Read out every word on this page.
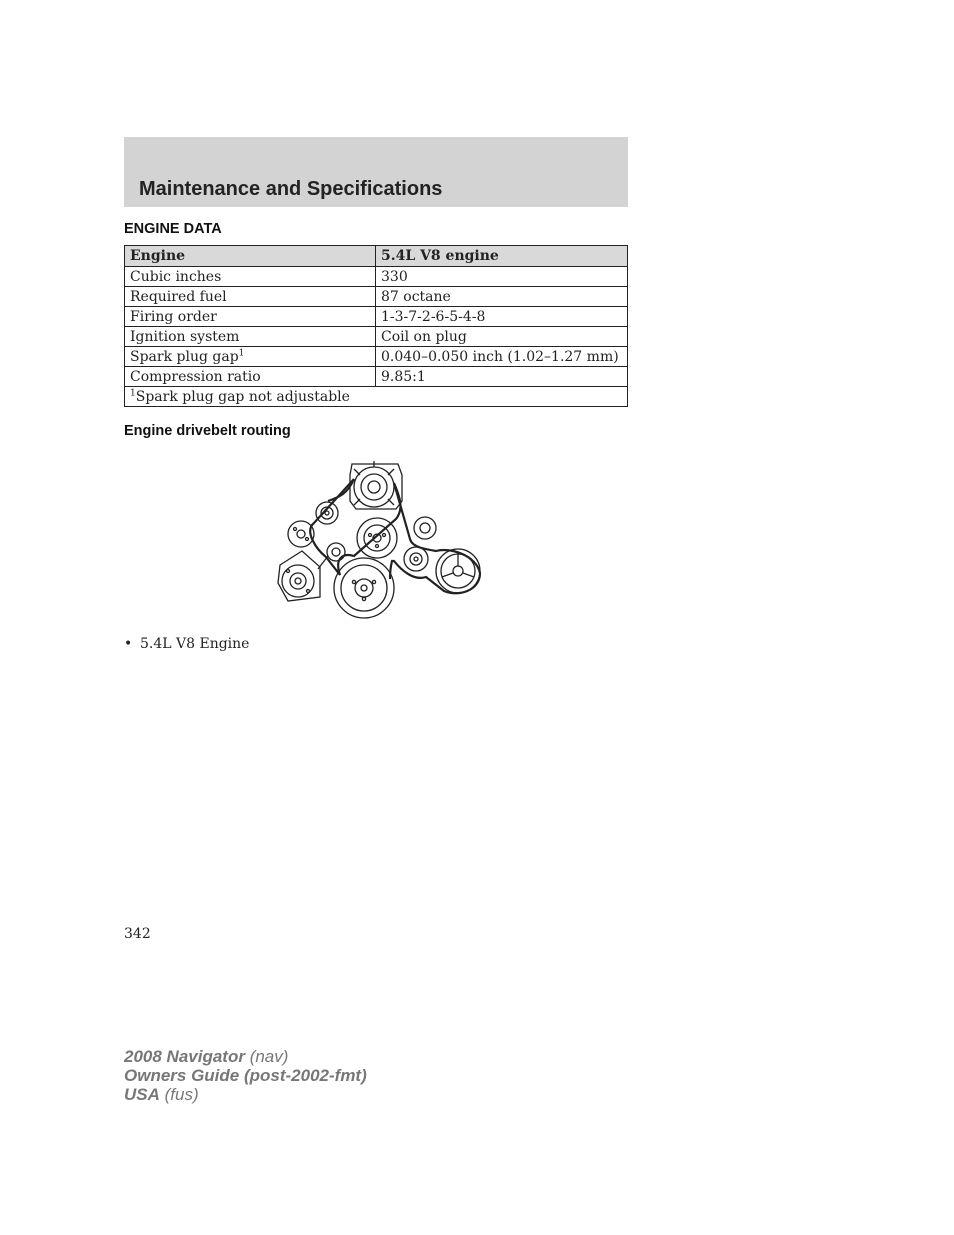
Maintenance and Specifications
ENGINE DATA
Engine	5.4L V8 engine
Cubic inches	330
Required fuel	87 octane
Firing order	1-3-7-2-6-5-4-8
Ignition system	Coil on plug
Spark plug gap$^1$	0.040–0.050 inch (1.02–1.27 mm)
Compression ratio	9.85:1
$^1$Spark plug gap not adjustable	
Engine drivebelt routing
• 5.4L V8 Engine
342
2008 Navigator (nav)
Owners Guide (post-2002-fmt)
USA (fus)
